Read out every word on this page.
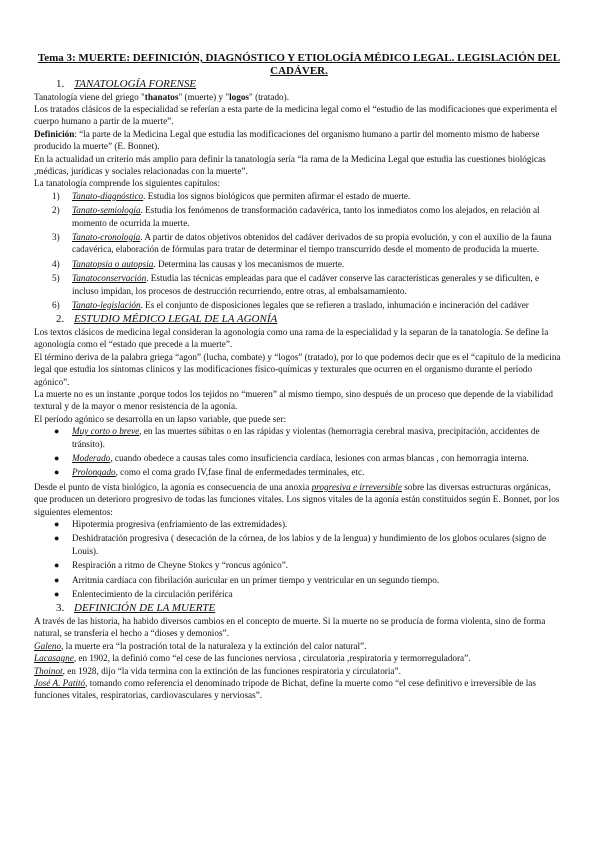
Tema 3: MUERTE: DEFINICIÓN, DIAGNÓSTICO Y ETIOLOGÍA MÉDICO LEGAL. LEGISLACIÓN DEL CADÁVER.

1. TANATOLOGÍA FORENSE

Tanatología viene del griego "thanatos" (muerte) y "logos" (tratado).

Los tratados clásicos de la especialidad se referían a esta parte de la medicina legal como el “estudio de las modificaciones que experimenta el cuerpo humano a partir de la muerte”.

Definición: “la parte de la Medicina Legal que estudia las modificaciones del organismo humano a partir del momento mismo de haberse producido la muerte” (E. Bonnet).

En la actualidad un criterio más amplio para definir la tanatología sería “la rama de la Medicina Legal que estudia las cuestiones biológicas ,médicas, jurídicas y sociales relacionadas con la muerte”.

La tanatología comprende los siguientes capítulos:

1) Tanato-diagnóstico. Estudia los signos biológicos que permiten afirmar el estado de muerte.
2) Tanato-semiología. Estudia los fenómenos de transformación cadavérica, tanto los inmediatos como los alejados, en relación al momento de ocurrida la muerte.
3) Tanato-cronología. A partir de datos objetivos obtenidos del cadáver derivados de su propia evolución, y con el auxilio de la fauna cadavérica, elaboración de fórmulas para tratar de determinar el tiempo transcurrido desde el momento de producida la muerte.
4) Tanatopsia o autopsia. Determina las causas y los mecanismos de muerte.
5) Tanatoconservación. Estudia las técnicas empleadas para que el cadáver conserve las características generales y se dificulten, e incluso impidan, los procesos de destrucción recurriendo, entre otras, al embalsamamiento.
6) Tanato-legislación. Es el conjunto de disposiciones legales que se refieren a traslado, inhumación e incineración del cadáver
2. ESTUDIO MÉDICO LEGAL DE LA AGONÍA

Los textos clásicos de medicina legal consideran la agonología como una rama de la especialidad y la separan de la tanatología. Se define la agonología como el “estado que precede a la muerte”.

El término deriva de la palabra griega “agon” (lucha, combate) y “logos” (tratado), por lo que podemos decir que es el “capítulo de la medicina legal que estudia los síntomas clínicos y las modificaciones físico-químicas y texturales que ocurren en el organismo durante el período agónico”.

La muerte no es un instante ,porque todos los tejidos no “mueren” al mismo tiempo, sino después de un proceso que depende de la viabilidad textural y de la mayor o menor resistencia de la agonía.

El período agónico se desarrolla en un lapso variable, que puede ser:

● Muy corto o breve, en las muertes súbitas o en las rápidas y violentas (hemorragia cerebral masiva, precipitación, accidentes de tránsito).
● Moderado, cuando obedece a causas tales como insuficiencia cardíaca, lesiones con armas blancas , con hemorragia interna.
● Prolongado, como el coma grado IV,fase final de enfermedades terminales, etc.

Desde el punto de vista biológico, la agonía es consecuencia de una anoxia progresiva e irreversible sobre las diversas estructuras orgánicas, que producen un deterioro progresivo de todas las funciones vitales. Los signos vitales de la agonía están constituidos según E. Bonnet, por los siguientes elementos:

● Hipotermia progresiva (enfriamiento de las extremidades).
● Deshidratación progresiva ( desecación de la córnea, de los labios y de la lengua) y hundimiento de los globos oculares (signo de Louis).
● Respiración a ritmo de Cheyne Stokcs y “roncus agónico”.
● Arritmia cardíaca con fibrilación auricular en un primer tiempo y ventricular en un segundo tiempo.
● Enlentecimiento de la circulación periférica
3. DEFINICIÓN DE LA MUERTE

A través de las historia, ha habido diversos cambios en el concepto de muerte. Si la muerte no se producía de forma violenta, sino de forma natural, se transfería el hecho a “dioses y demonios”.

Galeno, la muerte era “la postración total de la naturaleza y la extinción del calor natural”.

Lacasagne, en 1902, la definió como “el cese de las funciones nerviosa , circulatoria ,respiratoria y termorreguladora”.

Thoinot, en 1928, dijo “la vida termina con la extinción de las funciones respiratoria y circulatoria”.

José A. Patitó, tomando como referencia el denominado trípode de Bichat, define la muerte como “el cese definitivo e irreversible de las funciones vitales, respiratorias, cardiovasculares y nerviosas”.
